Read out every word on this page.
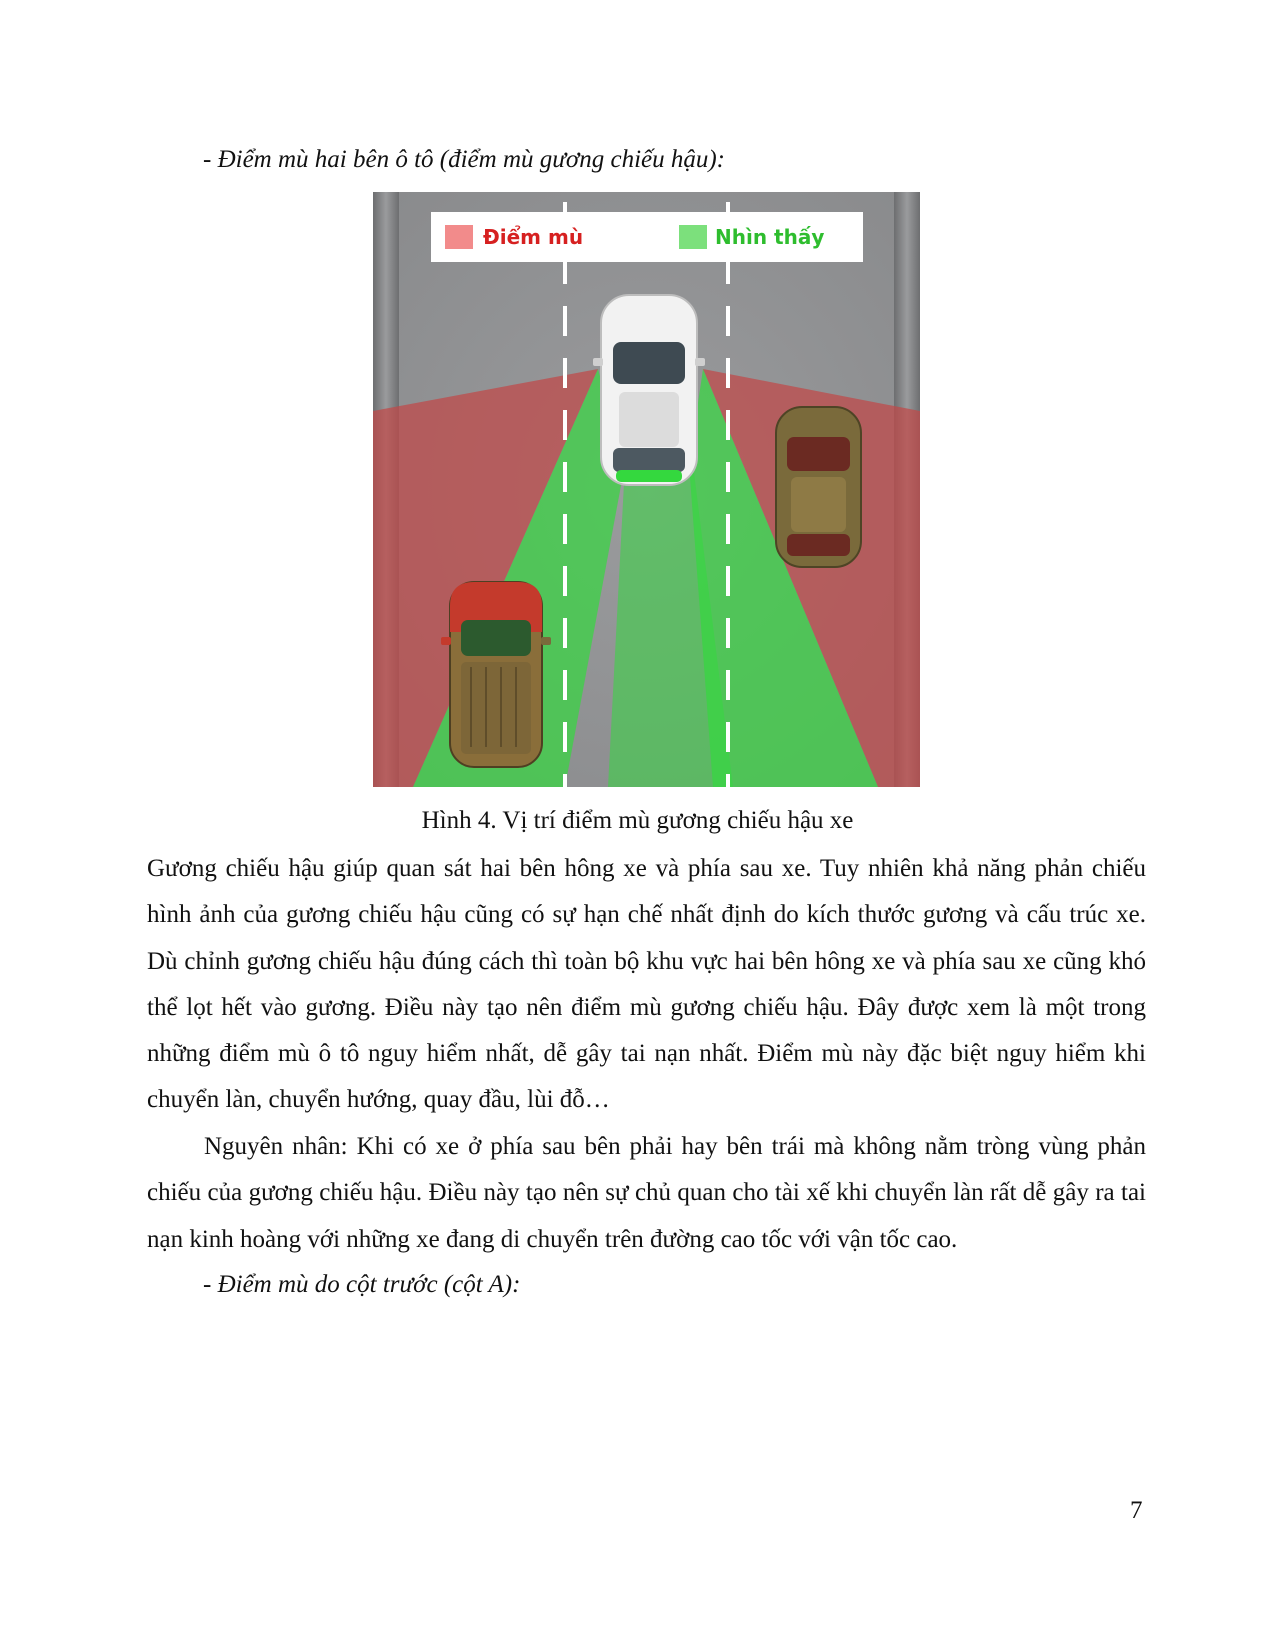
- Điểm mù hai bên ô tô (điểm mù gương chiếu hậu):
Điểm mù	Nhìn thấy
Hình 4. Vị trí điểm mù gương chiếu hậu xe
Gương chiếu hậu giúp quan sát hai bên hông xe và phía sau xe. Tuy nhiên khả năng phản chiếu hình ảnh của gương chiếu hậu cũng có sự hạn chế nhất định do kích thước gương và cấu trúc xe. Dù chỉnh gương chiếu hậu đúng cách thì toàn bộ khu vực hai bên hông xe và phía sau xe cũng khó thể lọt hết vào gương. Điều này tạo nên điểm mù gương chiếu hậu. Đây được xem là một trong những điểm mù ô tô nguy hiểm nhất, dễ gây tai nạn nhất. Điểm mù này đặc biệt nguy hiểm khi chuyển làn, chuyển hướng, quay đầu, lùi đỗ…
Nguyên nhân: Khi có xe ở phía sau bên phải hay bên trái mà không nằm tròng vùng phản chiếu của gương chiếu hậu. Điều này tạo nên sự chủ quan cho tài xế khi chuyển làn rất dễ gây ra tai nạn kinh hoàng với những xe đang di chuyển trên đường cao tốc với vận tốc cao.
- Điểm mù do cột trước (cột A):
7
